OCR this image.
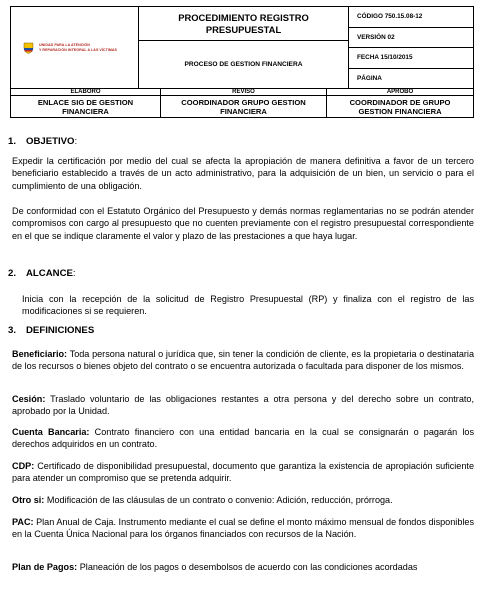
UNIDAD PARA LA ATENCIÓN
Y REPARACIÓN INTEGRAL A LAS VÍCTIMAS
PROCEDIMIENTO REGISTRO PRESUPUESTAL
PROCESO DE GESTION FINANCIERA
CÓDIGO 750.15.08-12
VERSIÓN 02
FECHA 15/10/2015
PÁGINA
ELABORO	REVISO	APROBO
ENLACE SIG DE GESTION FINANCIERA
COORDINADOR GRUPO GESTION FINANCIERA
COORDINADOR DE GRUPO GESTION FINANCIERA
1. OBJETIVO:

Expedir la certificación por medio del cual se afecta la apropiación de manera definitiva a favor de un tercero beneficiario establecido a través de un acto administrativo, para la adquisición de un bien, un servicio o para el cumplimiento de una obligación.

De conformidad con el Estatuto Orgánico del Presupuesto y demás normas reglamentarias no se podrán atender compromisos con cargo al presupuesto que no cuenten previamente con el registro presupuestal correspondiente en el que se indique claramente el valor y plazo de las prestaciones a que haya lugar.

2. ALCANCE:

Inicia con la recepción de la solicitud de Registro Presupuestal (RP) y finaliza con el registro de las modificaciones si se requieren.

3. DEFINICIONES

Beneficiario: Toda persona natural o jurídica que, sin tener la condición de cliente, es la propietaria o destinataria de los recursos o bienes objeto del contrato o se encuentra autorizada o facultada para disponer de los mismos.

Cesión: Traslado voluntario de las obligaciones restantes a otra persona y del derecho sobre un contrato, aprobado por la Unidad.

Cuenta Bancaria: Contrato financiero con una entidad bancaria en la cual se consignarán o pagarán los derechos adquiridos en un contrato.

CDP: Certificado de disponibilidad presupuestal, documento que garantiza la existencia de apropiación suficiente para atender un compromiso que se pretenda adquirir.

Otro si: Modificación de las cláusulas de un contrato o convenio: Adición, reducción, prórroga.

PAC: Plan Anual de Caja. Instrumento mediante el cual se define el monto máximo mensual de fondos disponibles en la Cuenta Única Nacional para los órganos financiados con recursos de la Nación.

Plan de Pagos: Planeación de los pagos o desembolsos de acuerdo con las condiciones acordadas
